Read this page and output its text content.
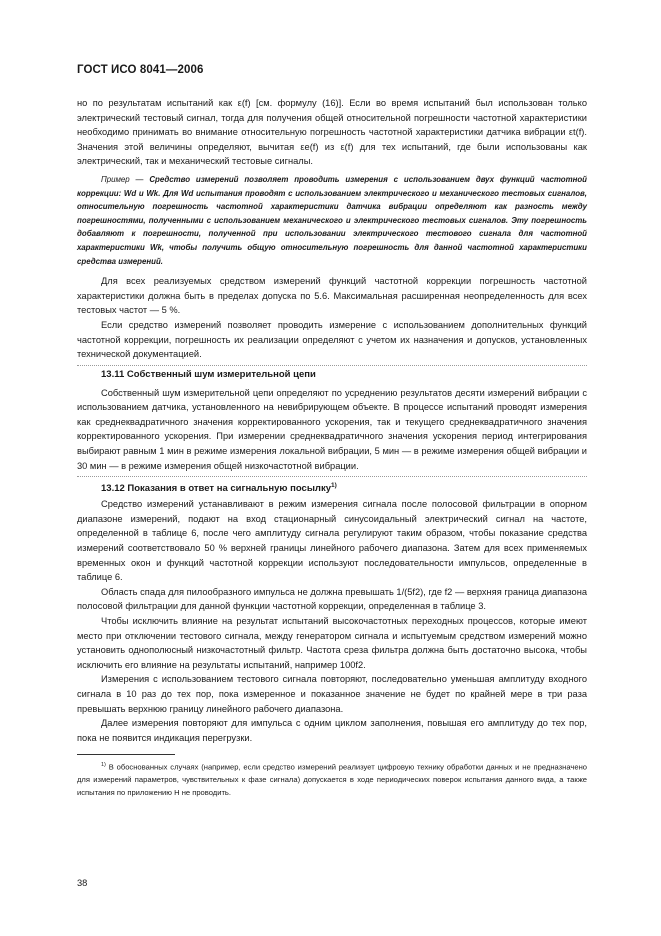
ГОСТ ИСО 8041—2006

но по результатам испытаний как ε(f) [см. формулу (16)]. Если во время испытаний был использован только электрический тестовый сигнал, тогда для получения общей относительной погрешности частотной характеристики необходимо принимать во внимание относительную погрешность частотной характеристики датчика вибрации εt(f). Значения этой величины определяют, вычитая εe(f) из ε(f) для тех испытаний, где были использованы как электрический, так и механический тестовые сигналы.

Пример — Средство измерений позволяет проводить измерения с использованием двух функций частотной коррекции: Wd и Wk. Для Wd испытания проводят с использованием электрического и механического тестовых сигналов, относительную погрешность частотной характеристики датчика вибрации определяют как разность между погрешностями, полученными с использованием механического и электрического тестовых сигналов. Эту погрешность добавляют к погрешности, полученной при использовании электрического тестового сигнала для частотной характеристики Wk, чтобы получить общую относительную погрешность для данной частотной характеристики средства измерений.

Для всех реализуемых средством измерений функций частотной коррекции погрешность частотной характеристики должна быть в пределах допуска по 5.6. Максимальная расширенная неопределенность для всех тестовых частот — 5 %.

Если средство измерений позволяет проводить измерение с использованием дополнительных функций частотной коррекции, погрешность их реализации определяют с учетом их назначения и допусков, установленных технической документацией.

13.11 Собственный шум измерительной цепи

Собственный шум измерительной цепи определяют по усреднению результатов десяти измерений вибрации с использованием датчика, установленного на невибрирующем объекте. В процессе испытаний проводят измерения как среднеквадратичного значения корректированного ускорения, так и текущего среднеквадратичного значения корректированного ускорения. При измерении среднеквадратичного значения ускорения период интегрирования выбирают равным 1 мин в режиме измерения локальной вибрации, 5 мин — в режиме измерения общей вибрации и 30 мин — в режиме измерения общей низкочастотной вибрации.

13.12 Показания в ответ на сигнальную посылку$^{1)}$

Средство измерений устанавливают в режим измерения сигнала после полосовой фильтрации в опорном диапазоне измерений, подают на вход стационарный синусоидальный электрический сигнал на частоте, определенной в таблице 6, после чего амплитуду сигнала регулируют таким образом, чтобы показание средства измерений соответствовало 50 % верхней границы линейного рабочего диапазона. Затем для всех применяемых временных окон и функций частотной коррекции используют последовательности импульсов, определенные в таблице 6.

Область спада для пилообразного импульса не должна превышать 1/(5f2), где f2 — верхняя граница диапазона полосовой фильтрации для данной функции частотной коррекции, определенная в таблице 3.

Чтобы исключить влияние на результат испытаний высокочастотных переходных процессов, которые имеют место при отключении тестового сигнала, между генератором сигнала и испытуемым средством измерений можно установить однополюсный низкочастотный фильтр. Частота среза фильтра должна быть достаточно высока, чтобы исключить его влияние на результаты испытаний, например 100f2.

Измерения с использованием тестового сигнала повторяют, последовательно уменьшая амплитуду входного сигнала в 10 раз до тех пор, пока измеренное и показанное значение не будет по крайней мере в три раза превышать верхнюю границу линейного рабочего диапазона.

Далее измерения повторяют для импульса с одним циклом заполнения, повышая его амплитуду до тех пор, пока не появится индикация перегрузки.

$^{1)}$ В обоснованных случаях (например, если средство измерений реализует цифровую технику обработки данных и не предназначено для измерений параметров, чувствительных к фазе сигнала) допускается в ходе периодических поверок испытания данного вида, а также испытания по приложению Н не проводить.

38
